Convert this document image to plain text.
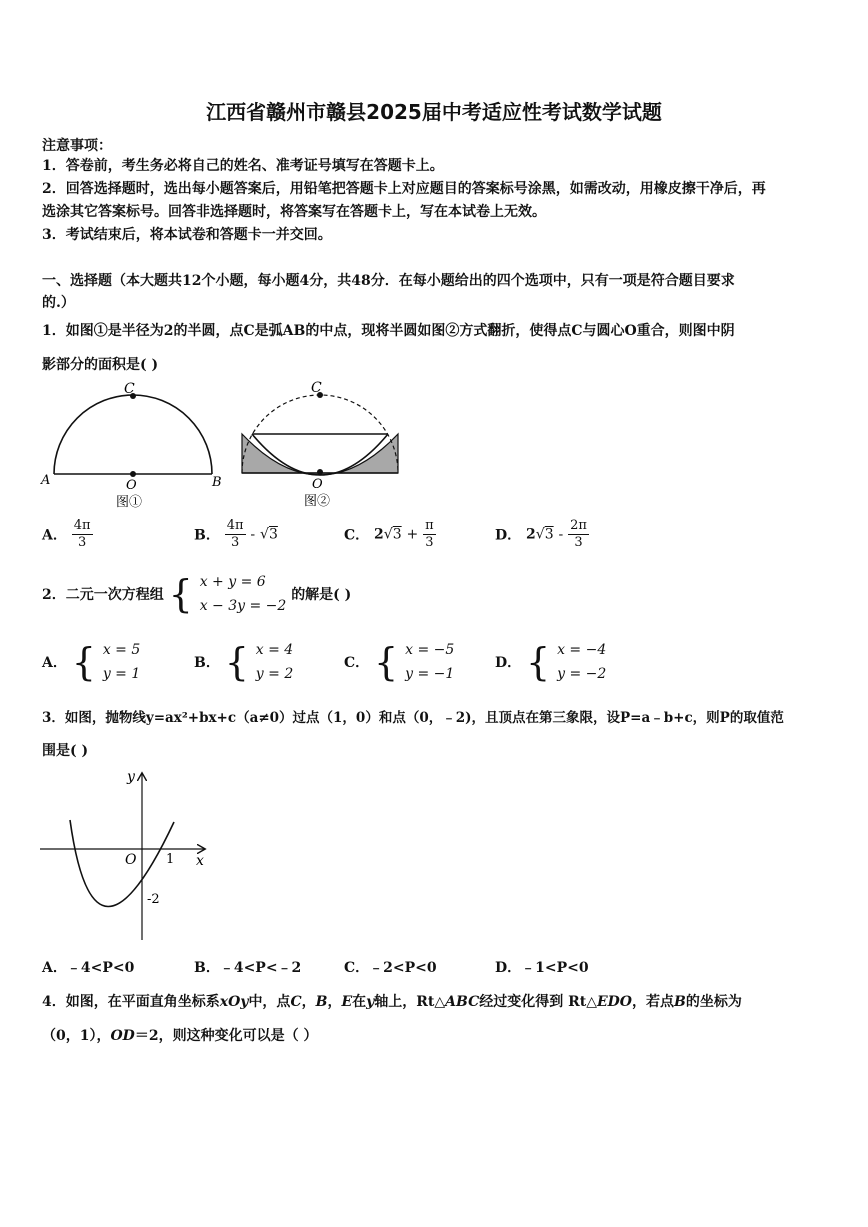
江西省赣州市赣县2025届中考适应性考试数学试题
注意事项：
1．答卷前，考生务必将自己的姓名、准考证号填写在答题卡上。
2．回答选择题时，选出每小题答案后，用铅笔把答题卡上对应题目的答案标号涂黑，如需改动，用橡皮擦干净后，再
选涂其它答案标号。回答非选择题时，将答案写在答题卡上，写在本试卷上无效。
3．考试结束后，将本试卷和答题卡一并交回。
一、选择题（本大题共12个小题，每小题4分，共48分．在每小题给出的四个选项中，只有一项是符合题目要求
的.）
1．如图①是半径为2的半圆，点C是弧AB的中点，现将半圆如图②方式翻折，使得点C与圆心O重合，则图中阴
影部分的面积是( )
C
A	B
O
图①
C
O
图②
A． $\frac{4\pi}{3}$	B． $\frac{4\pi}{3} - √3$	C． $2√3 + \frac{\pi}{3}$	D． $2√3 - \frac{2\pi}{3}$
2．二元一次方程组 { x + y = 6
x − 3y = −2
的解是( )
A． { x = 5
y = 1
B． { x = 4
y = 2
C． { x = −5
y = −1
D． { x = −4
y = −2
3．如图，抛物线y=ax²+bx+c（a≠0）过点（1，0）和点（0，﹣2)，且顶点在第三象限，设P=a﹣b+c，则P的取值范
围是( )
y
x
O 1
-2
A．﹣4<P<0	B．﹣4<P<﹣2	C．﹣2<P<0	D．﹣1<P<0
4．如图，在平面直角坐标系xOy中，点C，B，E在y轴上，Rt△ABC经过变化得到 Rt△EDO，若点B的坐标为
（0，1），OD＝2，则这种变化可以是（ ）
